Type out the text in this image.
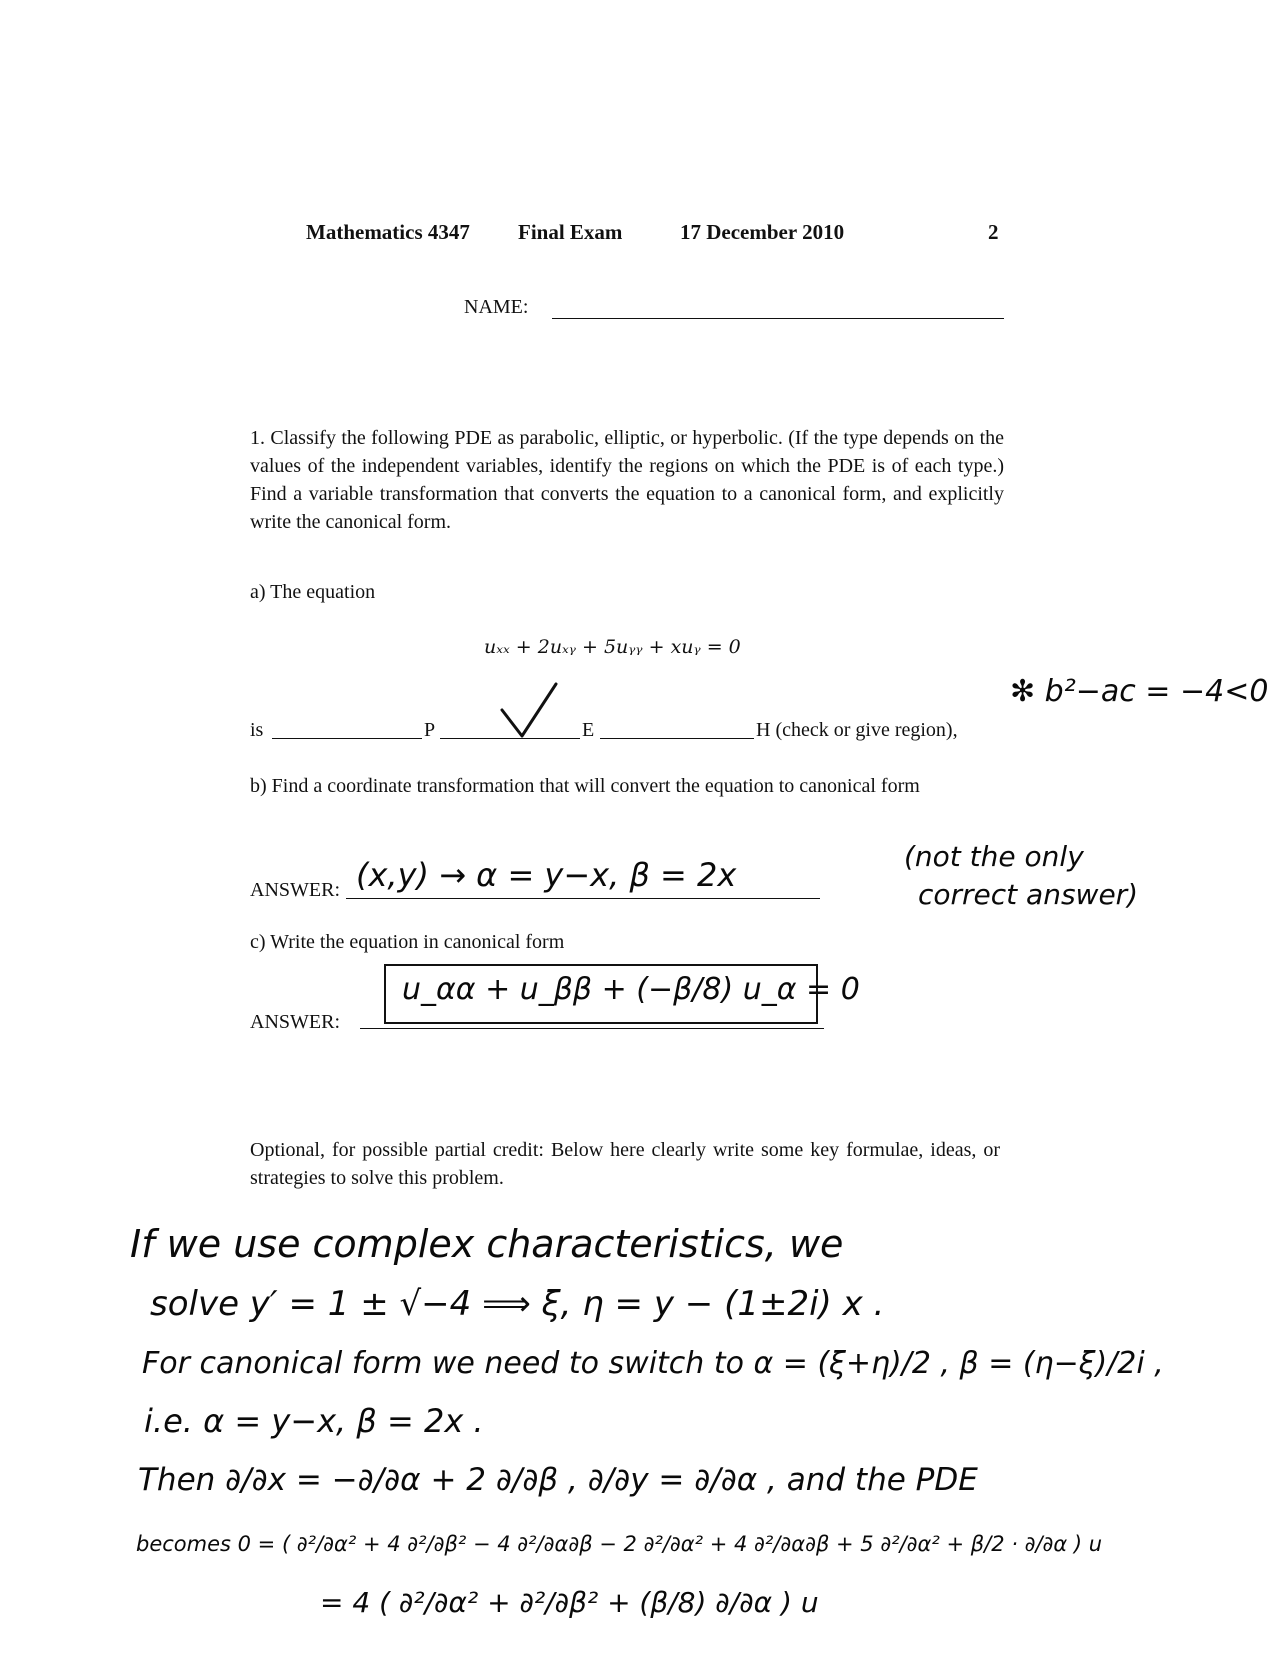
Mathematics 4347 Final Exam	17 December 2010	2
NAME:
1. Classify the following PDE as parabolic, elliptic, or hyperbolic. (If the type depends on the values of the independent variables, identify the regions on which the PDE is of each type.) Find a variable transformation that converts the equation to a canonical form, and explicitly write the canonical form.
a) The equation
uₓₓ + 2uₓᵧ + 5uᵧᵧ + xuᵧ = 0
is	P	E	H (check or give region),
✻ b²−ac = −4<0
b) Find a coordinate transformation that will convert the equation to canonical form
ANSWER: (x,y) → α = y−x, β = 2x	(not the only
correct answer)
c) Write the equation in canonical form
ANSWER:
u_αα + u_ββ + (−β/8) u_α = 0
Optional, for possible partial credit: Below here clearly write some key formulae, ideas, or strategies to solve this problem.
If we use complex characteristics, we
solve y′ = 1 ± √−4 ⟹ ξ, η = y − (1±2i) x .
For canonical form we need to switch to α = (ξ+η)/2 , β = (η−ξ)/2i ,
i.e. α = y−x, β = 2x .
Then ∂/∂x = −∂/∂α + 2 ∂/∂β , ∂/∂y = ∂/∂α , and the PDE
becomes 0 = ( ∂²/∂α² + 4 ∂²/∂β² − 4 ∂²/∂α∂β − 2 ∂²/∂α² + 4 ∂²/∂α∂β + 5 ∂²/∂α² + β/2 · ∂/∂α ) u
= 4 ( ∂²/∂α² + ∂²/∂β² + (β/8) ∂/∂α ) u
